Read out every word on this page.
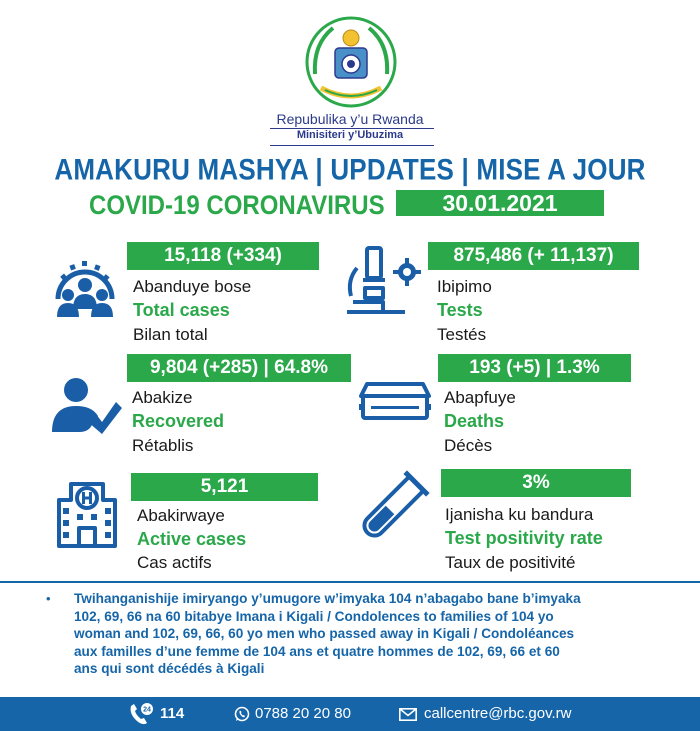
Repubulika y’u Rwanda
Minisiteri y’Ubuzima
AMAKURU MASHYA | UPDATES | MISE A JOUR
COVID-19 CORONAVIRUS	30.01.2021
15,118 (+334)
Abanduye bose
Total cases
Bilan total
875,486 (+ 11,137)
Ibipimo
Tests
Testés
9,804 (+285) | 64.8%
Abakize
Recovered
Rétablis
193 (+5) | 1.3%
Abapfuye
Deaths
Décès
5,121
Abakirwaye
Active cases
Cas actifs
3%
Ijanisha ku bandura
Test positivity rate
Taux de positivité
• Twihanganishije imiryango y’umugore w’imyaka 104 n’abagabo bane b’imyaka
102, 69, 66 na 60 bitabye Imana i Kigali / Condolences to families of 104 yo
woman and 102, 69, 66, 60 yo men who passed away in Kigali / Condoléances
aux familles d’une femme de 104 ans et quatre hommes de 102, 69, 66 et 60
ans qui sont décédés à Kigali
24 114	0788 20 20 80	callcentre@rbc.gov.rw
